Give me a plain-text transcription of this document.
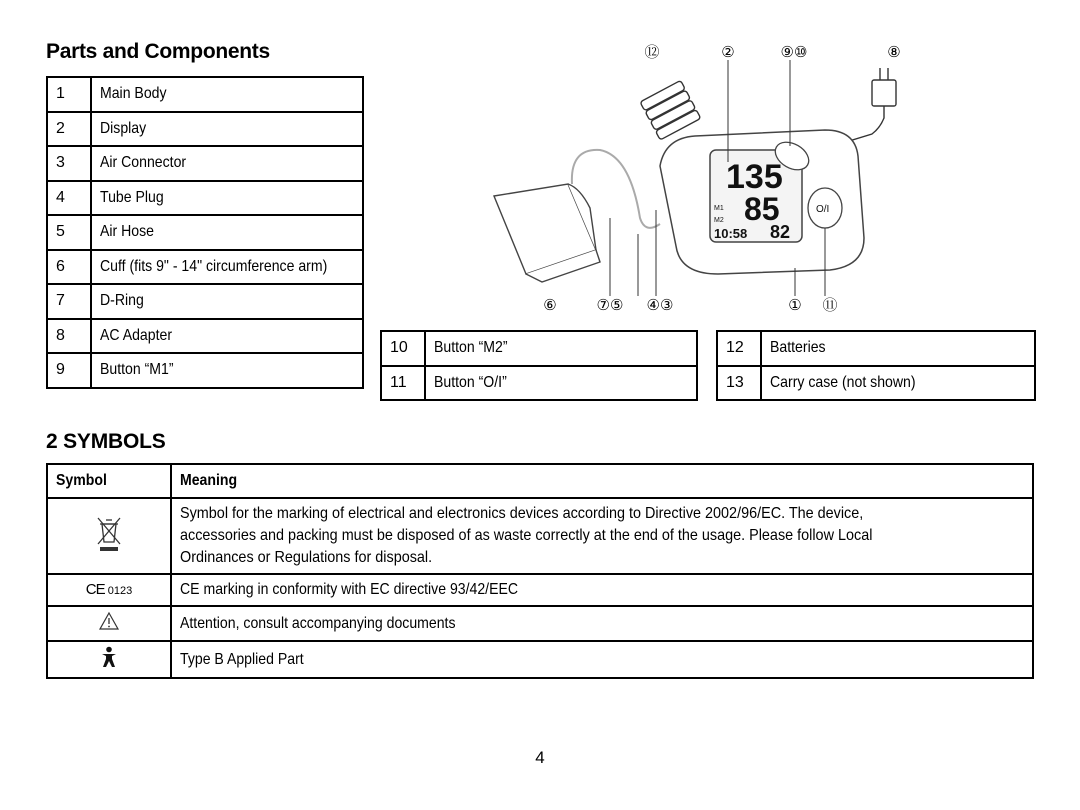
Parts and Components
1	Main Body
2	Display
3	Air Connector
4	Tube Plug
5	Air Hose
6	Cuff (fits 9" - 14" circumference arm)
7	D-Ring
8	AC Adapter
9	Button “M1”
10	Button “M2”
11	Button “O/I”
12	Batteries
13	Carry case (not shown)
⑫	②	⑨⑩	⑧
135
85
10:58 82
M1
M2
O/I
⑥	⑦⑤ ④③	① ⑪
2 SYMBOLS
Symbol	Meaning
	Symbol for the marking of electrical and electronics devices according to Directive 2002/96/EC. The device, accessories and packing must be disposed of as waste correctly at the end of the usage. Please follow Local Ordinances or Regulations for disposal.
CE 0123	CE marking in conformity with EC directive 93/42/EEC
	Attention, consult accompanying documents
	Type B Applied Part
4
